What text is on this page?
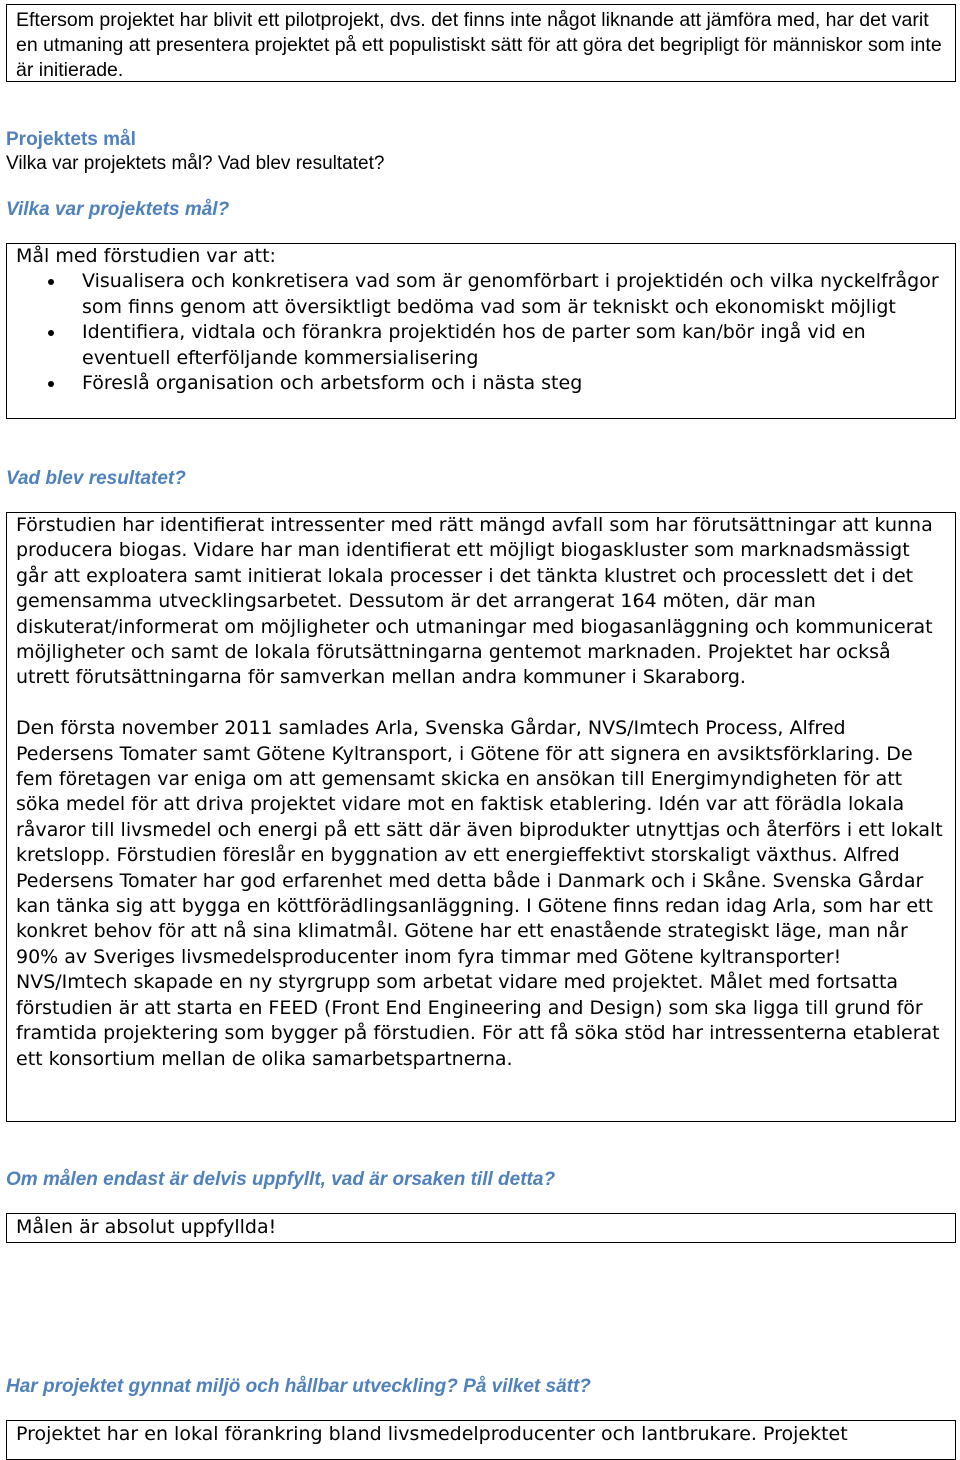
Eftersom projektet har blivit ett pilotprojekt, dvs. det finns inte något liknande att jämföra med, har det varit en utmaning att presentera projektet på ett populistiskt sätt för att göra det begripligt för människor som inte är initierade.

Projektets mål
Vilka var projektets mål? Vad blev resultatet?
Vilka var projektets mål?

Mål med förstudien var att:

Visualisera och konkretisera vad som är genomförbart i projektidén och vilka nyckelfrågor som finns genom att översiktligt bedöma vad som är tekniskt och ekonomiskt möjligt
Identifiera, vidtala och förankra projektidén hos de parter som kan/bör ingå vid en eventuell efterföljande kommersialisering
Föreslå organisation och arbetsform och i nästa steg
Vad blev resultatet?

Förstudien har identifierat intressenter med rätt mängd avfall som har förutsättningar att kunna producera biogas. Vidare har man identifierat ett möjligt biogaskluster som marknadsmässigt går att exploatera samt initierat lokala processer i det tänkta klustret och processlett det i det gemensamma utvecklingsarbetet. Dessutom är det arrangerat 164 möten, där man diskuterat/informerat om möjligheter och utmaningar med biogasanläggning och kommunicerat möjligheter och samt de lokala förutsättningarna gentemot marknaden. Projektet har också utrett förutsättningarna för samverkan mellan andra kommuner i Skaraborg.

Den första november 2011 samlades Arla, Svenska Gårdar, NVS/Imtech Process, Alfred Pedersens Tomater samt Götene Kyltransport, i Götene för att signera en avsiktsförklaring. De fem företagen var eniga om att gemensamt skicka en ansökan till Energimyndigheten för att söka medel för att driva projektet vidare mot en faktisk etablering. Idén var att förädla lokala råvaror till livsmedel och energi på ett sätt där även biprodukter utnyttjas och återförs i ett lokalt kretslopp. Förstudien föreslår en byggnation av ett energieffektivt storskaligt växthus. Alfred Pedersens Tomater har god erfarenhet med detta både i Danmark och i Skåne. Svenska Gårdar kan tänka sig att bygga en köttförädlingsanläggning. I Götene finns redan idag Arla, som har ett konkret behov för att nå sina klimatmål. Götene har ett enastående strategiskt läge, man når 90% av Sveriges livsmedelsproducenter inom fyra timmar med Götene kyltransporter! NVS/Imtech skapade en ny styrgrupp som arbetat vidare med projektet. Målet med fortsatta förstudien är att starta en FEED (Front End Engineering and Design) som ska ligga till grund för framtida projektering som bygger på förstudien. För att få söka stöd har intressenterna etablerat ett konsortium mellan de olika samarbetspartnerna.

Om målen endast är delvis uppfyllt, vad är orsaken till detta?

Målen är absolut uppfyllda!

Har projektet gynnat miljö och hållbar utveckling? På vilket sätt?

Projektet har en lokal förankring bland livsmedelproducenter och lantbrukare. Projektet
